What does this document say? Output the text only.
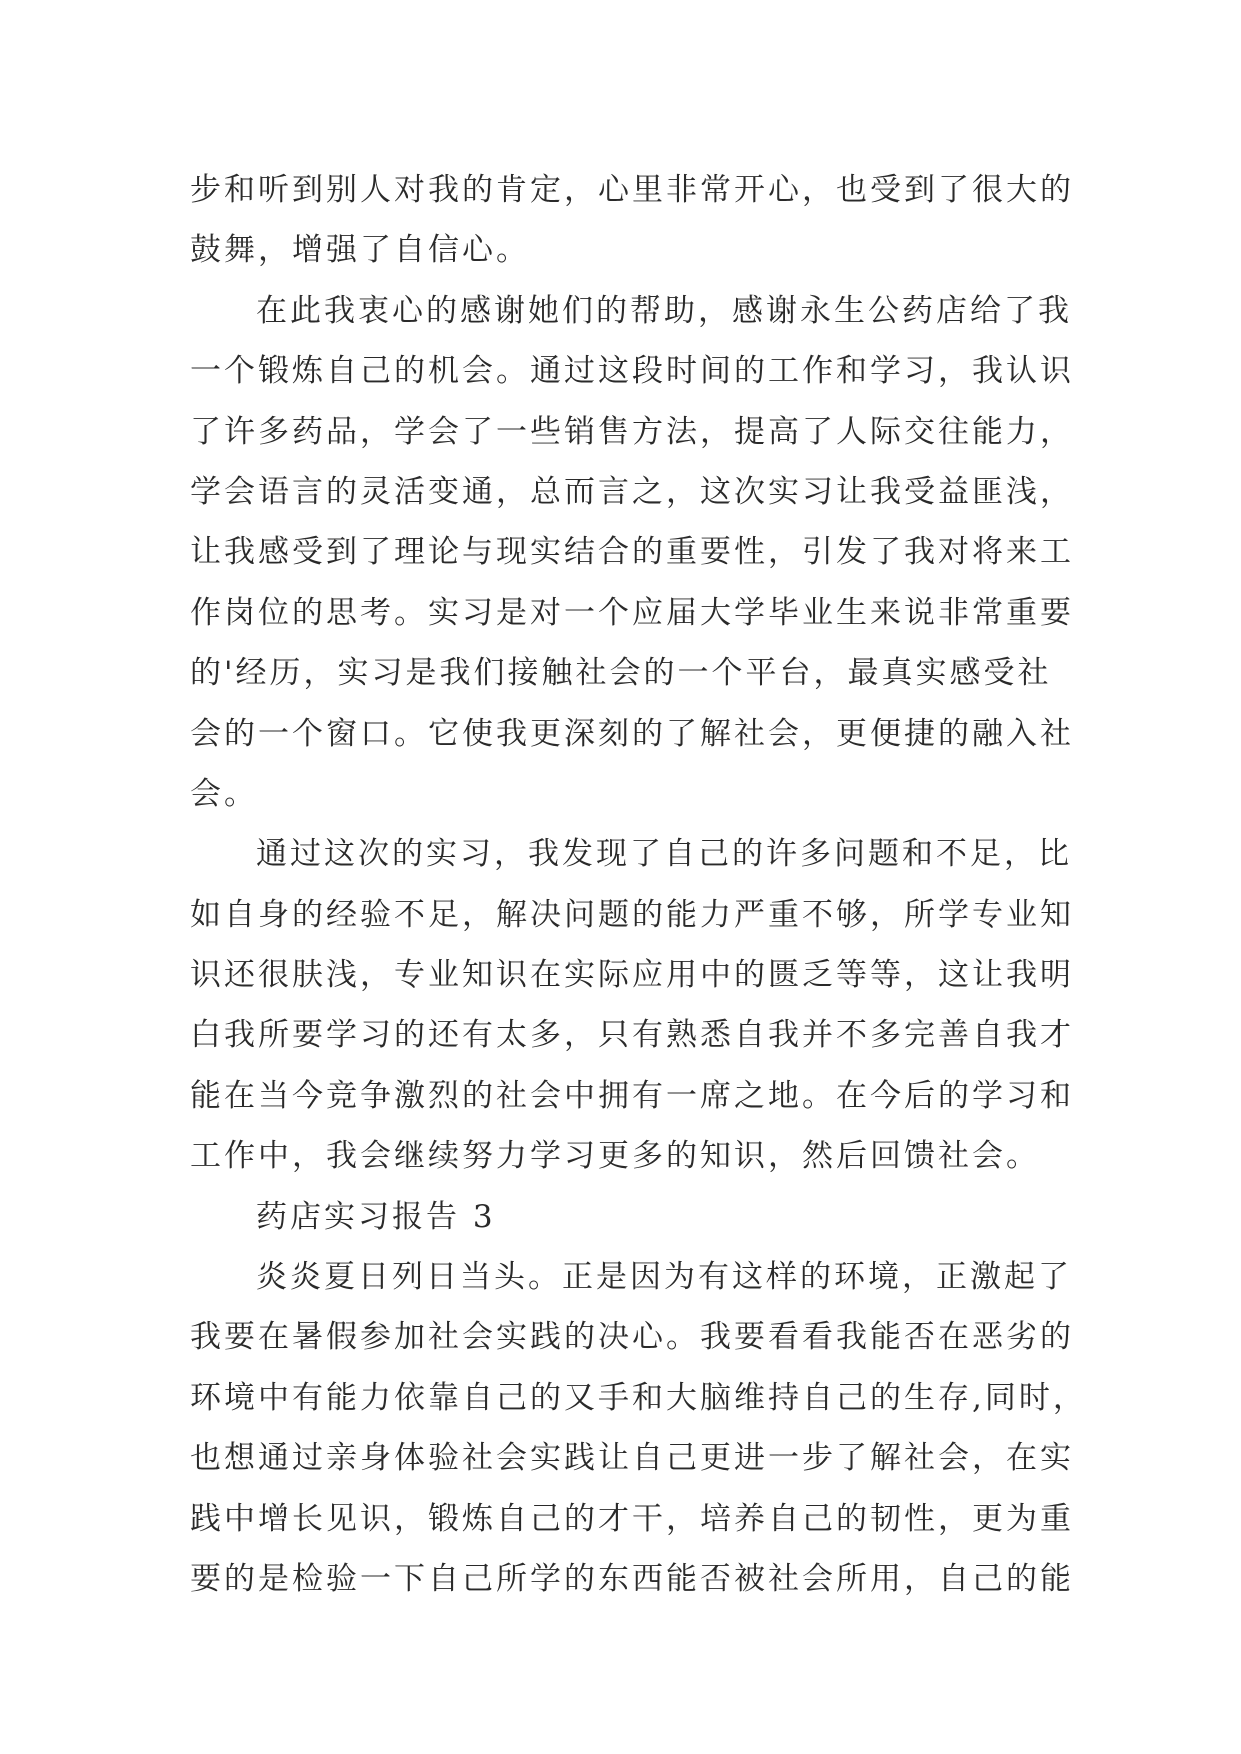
步和听到别人对我的肯定，心里非常开心，也受到了很大的
鼓舞，增强了自信心。
在此我衷心的感谢她们的帮助，感谢永生公药店给了我
一个锻炼自己的机会。通过这段时间的工作和学习，我认识
了许多药品，学会了一些销售方法，提高了人际交往能力，
学会语言的灵活变通，总而言之，这次实习让我受益匪浅，
让我感受到了理论与现实结合的重要性，引发了我对将来工
作岗位的思考。实习是对一个应届大学毕业生来说非常重要
的'经历，实习是我们接触社会的一个平台，最真实感受社
会的一个窗口。它使我更深刻的了解社会，更便捷的融入社
会。
通过这次的实习，我发现了自己的许多问题和不足，比
如自身的经验不足，解决问题的能力严重不够，所学专业知
识还很肤浅，专业知识在实际应用中的匮乏等等，这让我明
白我所要学习的还有太多，只有熟悉自我并不多完善自我才
能在当今竞争激烈的社会中拥有一席之地。在今后的学习和
工作中，我会继续努力学习更多的知识，然后回馈社会。
药店实习报告 3
炎炎夏日列日当头。正是因为有这样的环境，正激起了
我要在暑假参加社会实践的决心。我要看看我能否在恶劣的
环境中有能力依靠自己的又手和大脑维持自己的生存,同时，
也想通过亲身体验社会实践让自己更进一步了解社会，在实
践中增长见识，锻炼自己的才干，培养自己的韧性，更为重
要的是检验一下自己所学的东西能否被社会所用，自己的能
